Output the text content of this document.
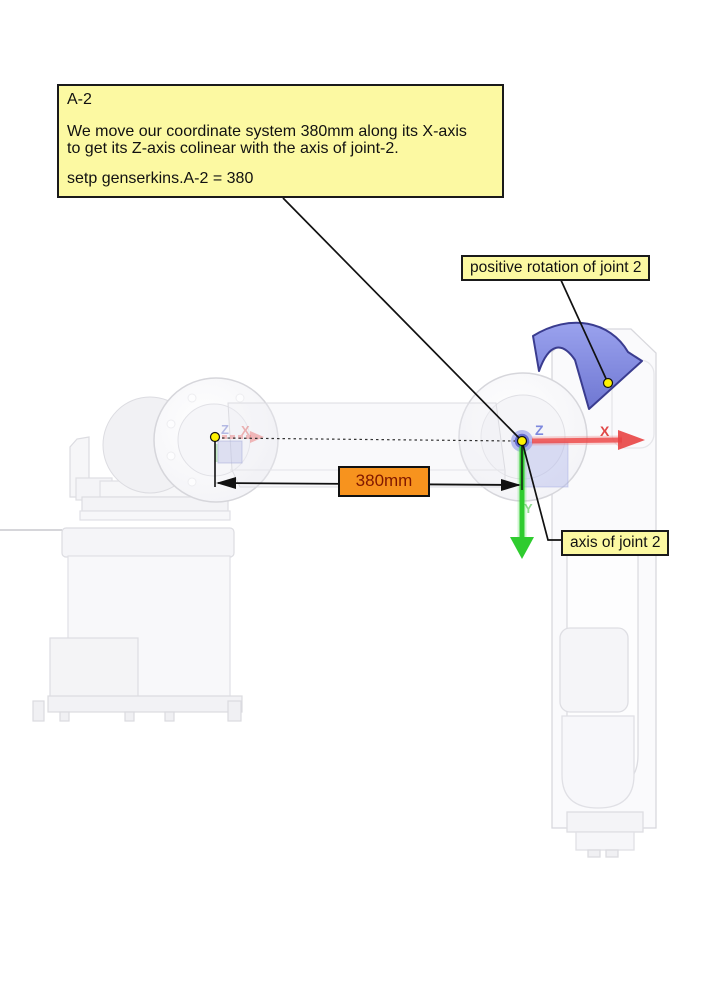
A-2

We move our coordinate system 380mm along its X-axis

to get its Z-axis colinear with the axis of joint-2.

setp genserkins.A-2 = 380

positive rotation of joint 2
axis of joint 2
380mm
Z X	Z	X
Y
